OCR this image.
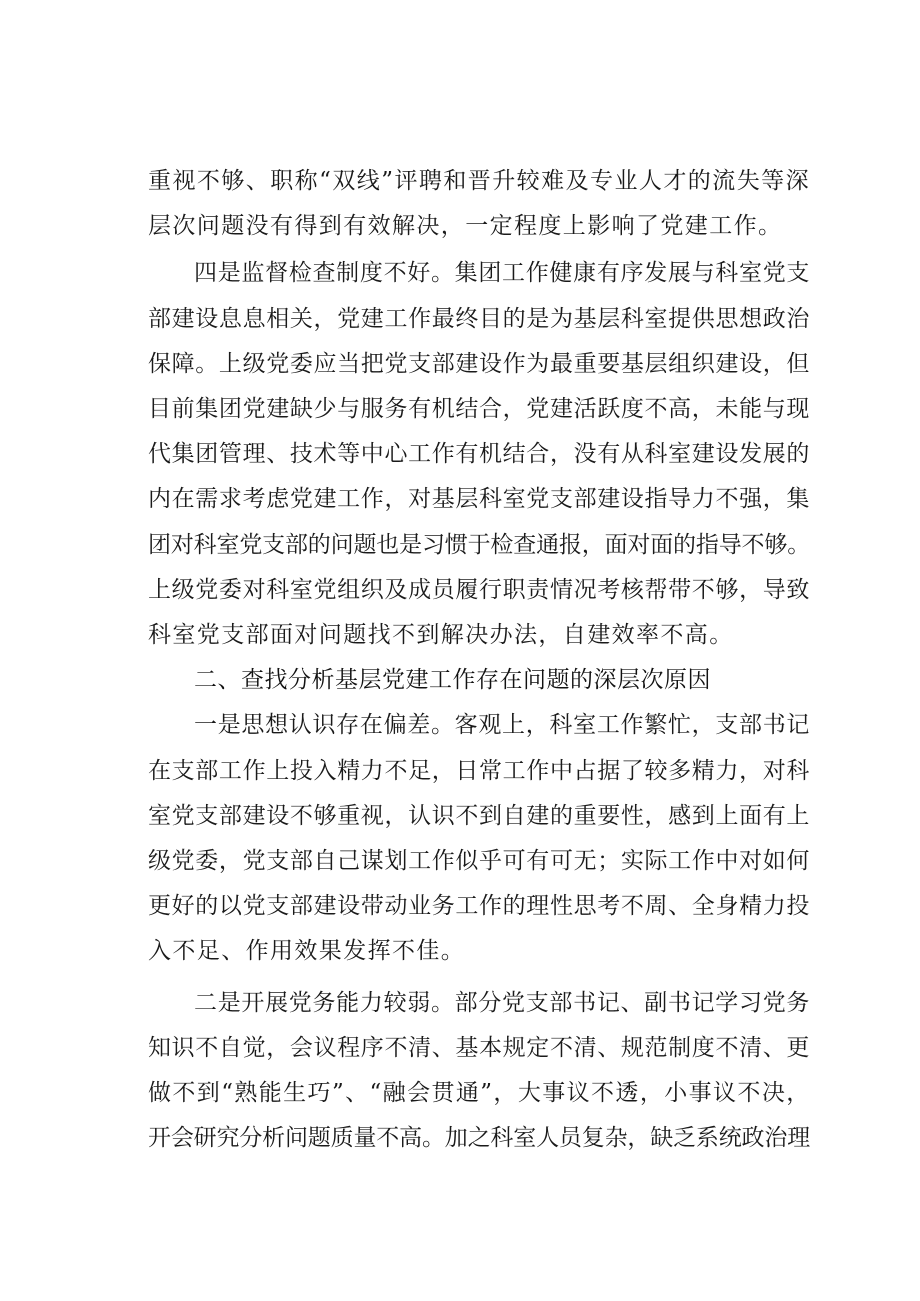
重视不够、职称“双线”评聘和晋升较难及专业人才的流失等深
层次问题没有得到有效解决，一定程度上影响了党建工作。

四是监督检查制度不好。集团工作健康有序发展与科室党支
部建设息息相关，党建工作最终目的是为基层科室提供思想政治
保障。上级党委应当把党支部建设作为最重要基层组织建设，但
目前集团党建缺少与服务有机结合，党建活跃度不高，未能与现
代集团管理、技术等中心工作有机结合，没有从科室建设发展的
内在需求考虑党建工作，对基层科室党支部建设指导力不强，集
团对科室党支部的问题也是习惯于检查通报，面对面的指导不够。
上级党委对科室党组织及成员履行职责情况考核帮带不够，导致
科室党支部面对问题找不到解决办法，自建效率不高。

二、查找分析基层党建工作存在问题的深层次原因

一是思想认识存在偏差。客观上，科室工作繁忙，支部书记
在支部工作上投入精力不足，日常工作中占据了较多精力，对科
室党支部建设不够重视，认识不到自建的重要性，感到上面有上
级党委，党支部自己谋划工作似乎可有可无；实际工作中对如何
更好的以党支部建设带动业务工作的理性思考不周、全身精力投
入不足、作用效果发挥不佳。

二是开展党务能力较弱。部分党支部书记、副书记学习党务
知识不自觉，会议程序不清、基本规定不清、规范制度不清、更
做不到“熟能生巧”、“融会贯通”，大事议不透，小事议不决，
开会研究分析问题质量不高。加之科室人员复杂，缺乏系统政治理
